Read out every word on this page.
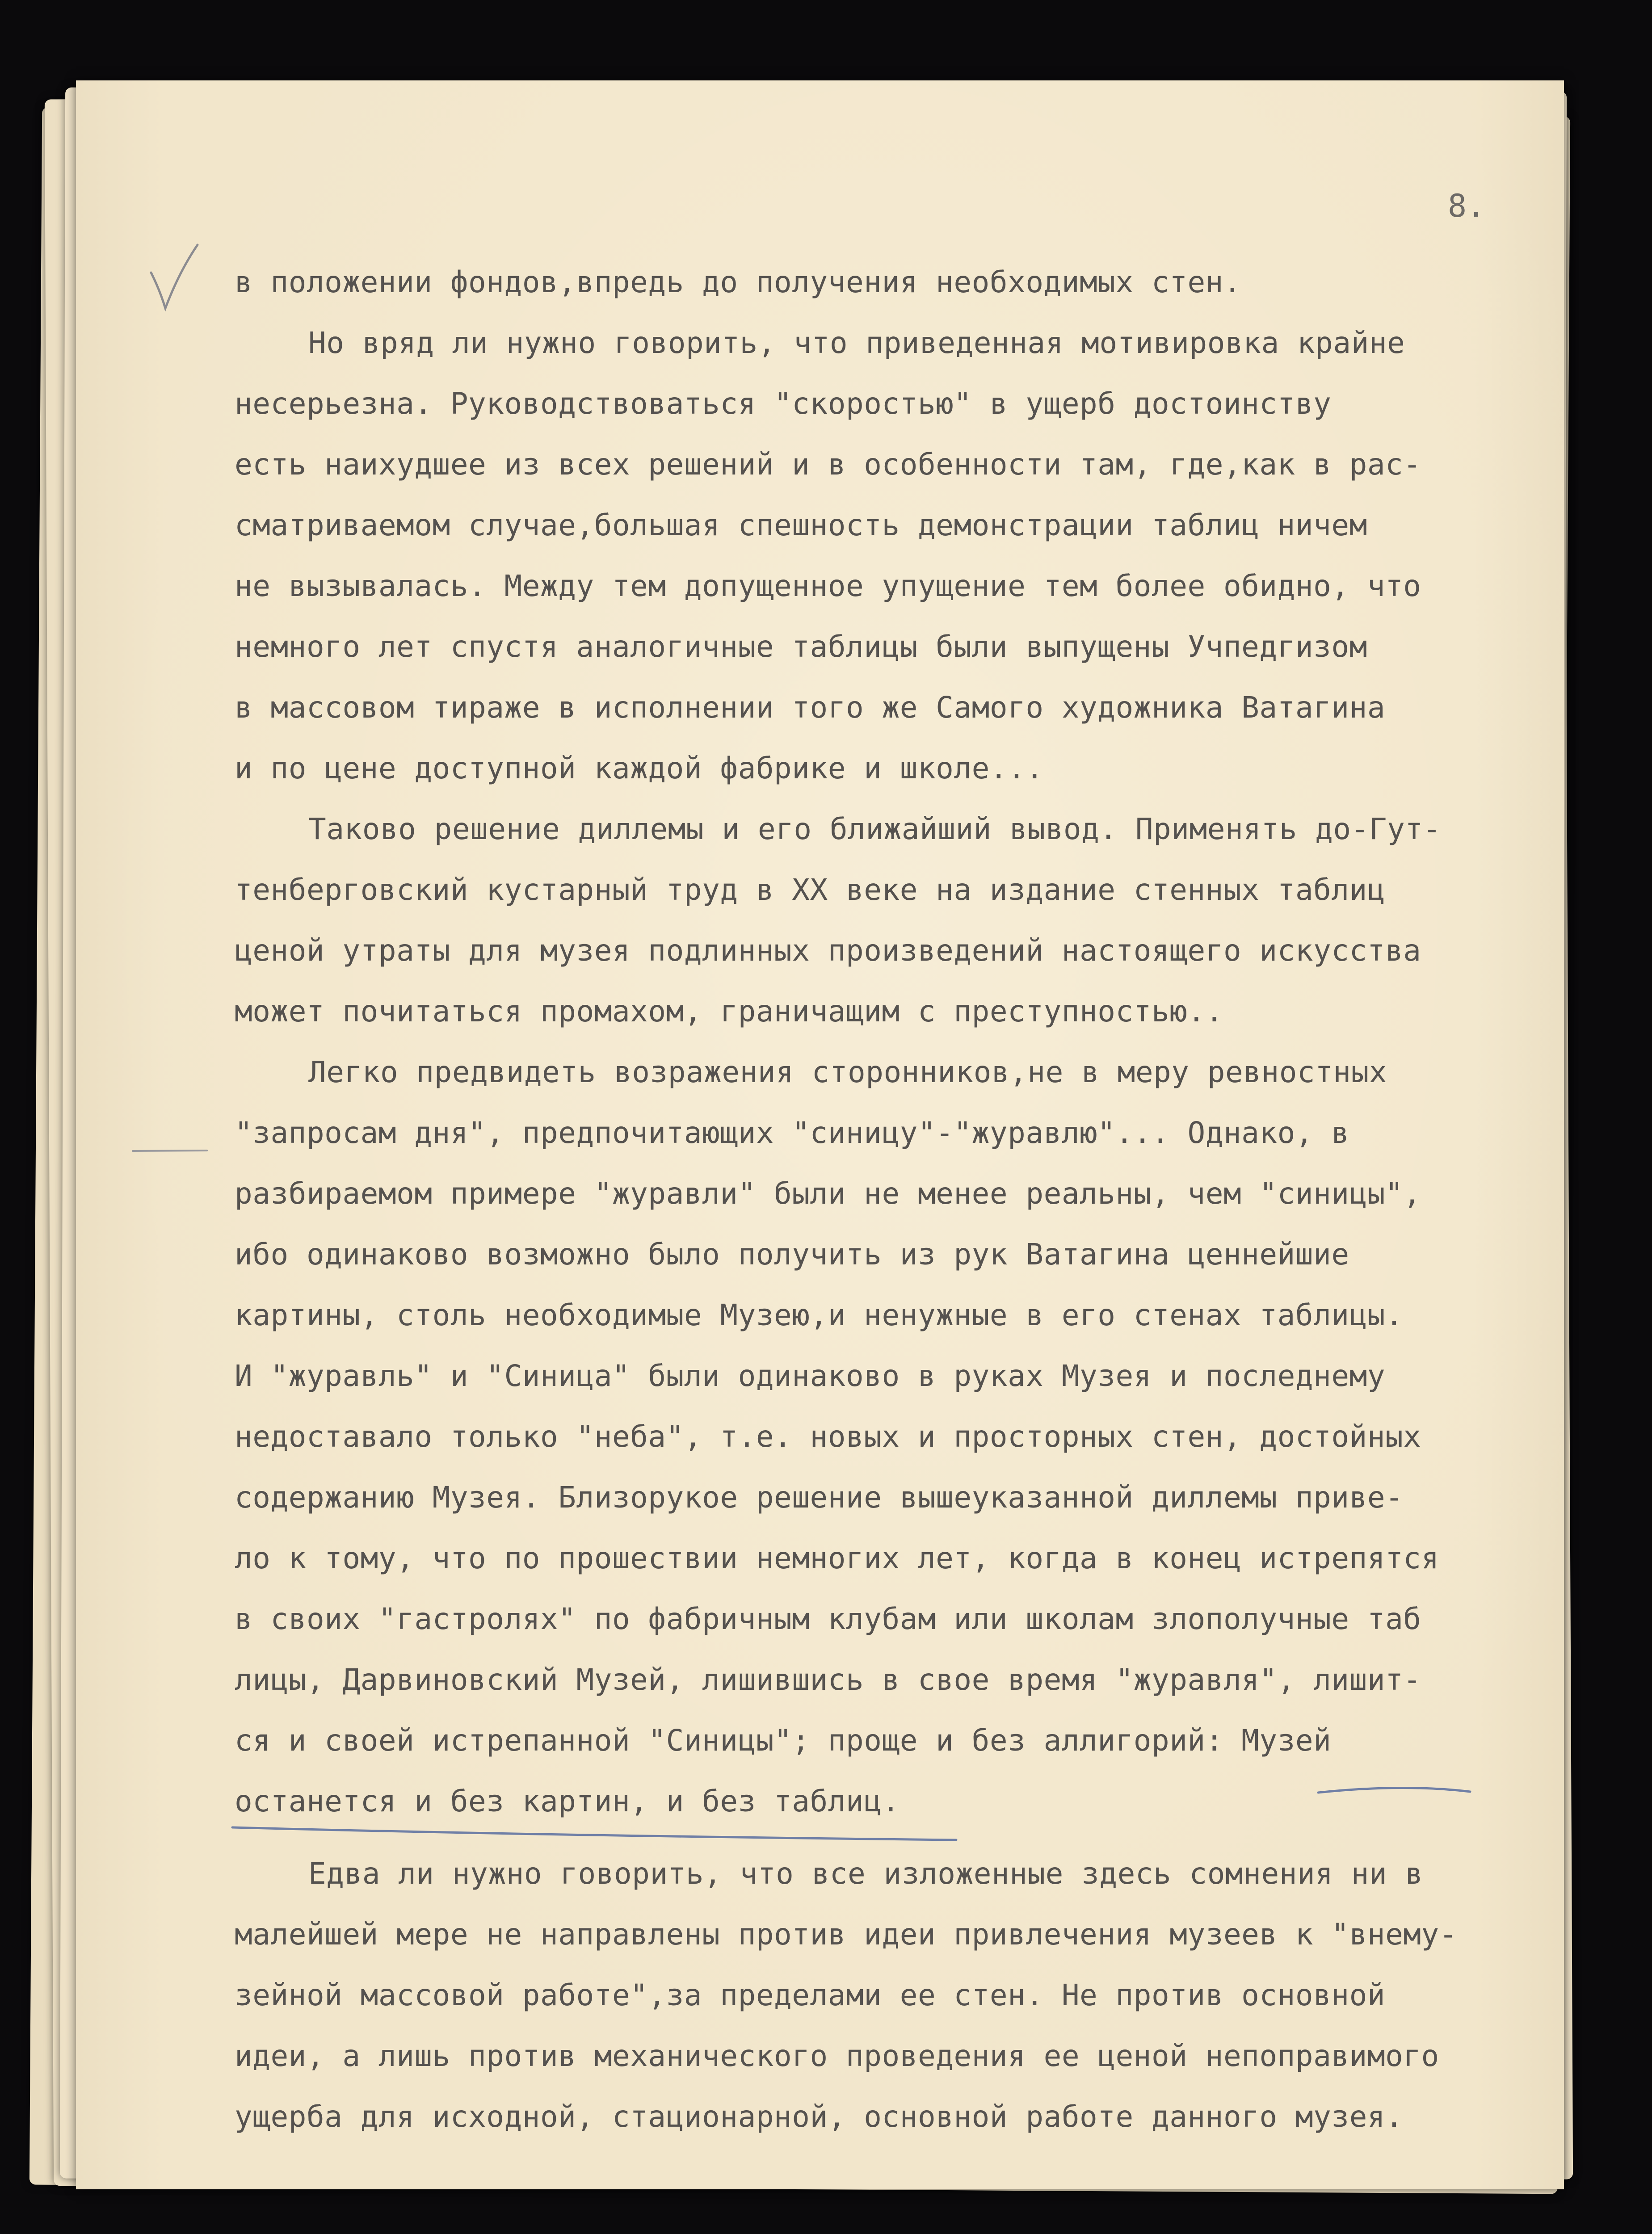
8.
в положении фондов,впредь до получения необходимых стен.
Но вряд ли нужно говорить, что приведенная мотивировка крайне
несерьезна. Руководствоваться "скоростью" в ущерб достоинству
есть наихудшее из всех решений и в особенности там, где,как в рас-
сматриваемом случае,большая спешность демонстрации таблиц ничем
не вызывалась. Между тем допущенное упущение тем более обидно, что
немного лет спустя аналогичные таблицы были выпущены Учпедгизом
в массовом тираже в исполнении того же Самого художника Ватагина
и по цене доступной каждой фабрике и школе...
Таково решение диллемы и его ближайший вывод. Применять до-Гут-
тенберговский кустарный труд в XX веке на издание стенных таблиц
ценой утраты для музея подлинных произведений настоящего искусства
может почитаться промахом, граничащим с преступностью..
Легко предвидеть возражения сторонников,не в меру ревностных
"запросам дня", предпочитающих "синицу"-"журавлю"... Однако, в
разбираемом примере "журавли" были не менее реальны, чем "синицы",
ибо одинаково возможно было получить из рук Ватагина ценнейшие
картины, столь необходимые Музею,и ненужные в его стенах таблицы.
И "журавль" и "Синица" были одинаково в руках Музея и последнему
недоставало только "неба", т.е. новых и просторных стен, достойных
содержанию Музея. Близорукое решение вышеуказанной диллемы приве-
ло к тому, что по прошествии немногих лет, когда в конец истрепятся
в своих "гастролях" по фабричным клубам или школам злополучные таб
лицы, Дарвиновский Музей, лишившись в свое время "журавля", лишит-
ся и своей истрепанной "Синицы"; проще и без аллигорий: Музей
останется и без картин, и без таблиц.
Едва ли нужно говорить, что все изложенные здесь сомнения ни в
малейшей мере не направлены против идеи привлечения музеев к "внему-
зейной массовой работе",за пределами ее стен. Не против основной
идеи, а лишь против механического проведения ее ценой непоправимого
ущерба для исходной, стационарной, основной работе данного музея.
